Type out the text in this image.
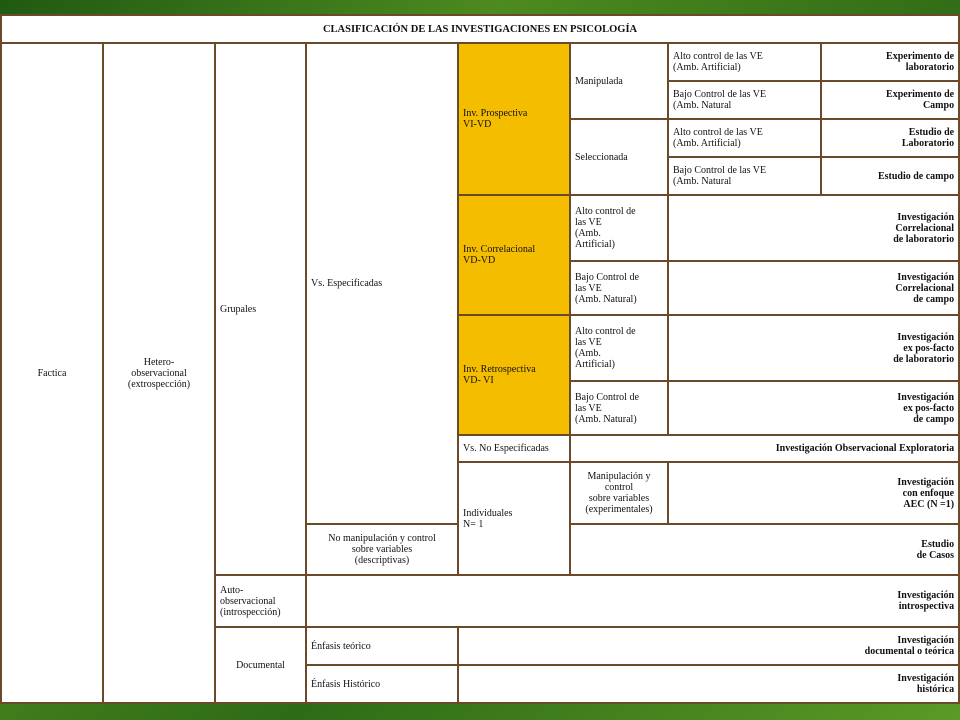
CLASIFICACIÓN DE LAS INVESTIGACIONES EN PSICOLOGÍA							

Factica	Hetero-
observacional
(extrospección)	Grupales	Vs. Especificadas	Inv. Prospectiva
VI-VD	Manipulada	Alto control de las VE
(Amb. Artificial)	Experimento de
laboratorio

						Bajo Control de las VE
(Amb. Natural	Experimento de
Campo

					Seleccionada	Alto control de las VE
(Amb. Artificial)	Estudio de
Laboratorio

						Bajo Control de las VE
(Amb. Natural	Estudio de campo

				Inv. Correlacional
VD-VD	Alto control de
las VE
(Amb.
Artificial)	Investigación
Correlacional
de laboratorio	

					Bajo Control de
las VE
(Amb. Natural)	Investigación
Correlacional
de campo	

				Inv. Retrospectiva
VD- VI	Alto control de
las VE
(Amb.
Artificial)	Investigación
ex pos-facto
de laboratorio	

					Bajo Control de
las VE
(Amb. Natural)	Investigación
ex pos-facto
de campo	

				Vs. No Especificadas	Investigación Observacional Exploratoria		

				Individuales
N= 1	Manipulación y control
sobre variables
(experimentales)	Investigación
con enfoque
AEC (N =1)	

			No manipulación y control
sobre variables
(descriptivas)		Estudio
de Casos		

		Auto-
observacional
(introspección)	Investigación
introspectiva				

		Documental	Énfasis teórico	Investigación
documental o teórica			

			Énfasis Histórico	Investigación
histórica			
